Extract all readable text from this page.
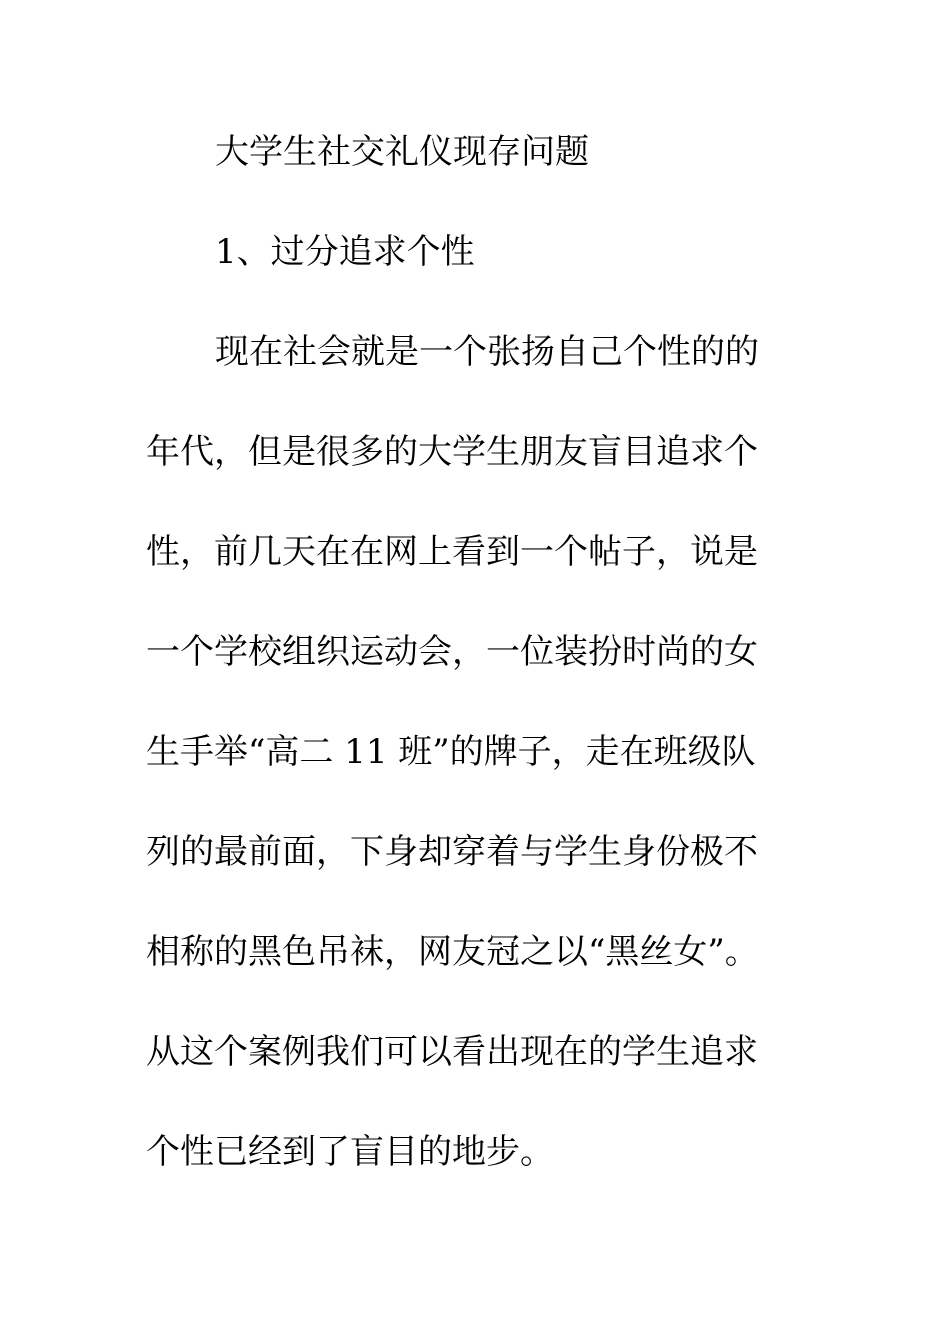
大学生社交礼仪现存问题
1、过分追求个性
现在社会就是一个张扬自己个性的的
年代，但是很多的大学生朋友盲目追求个
性，前几天在在网上看到一个帖子，说是
一个学校组织运动会，一位装扮时尚的女
生手举“高二 11 班”的牌子，走在班级队
列的最前面，下身却穿着与学生身份极不
相称的黑色吊袜，网友冠之以“黑丝女”。
从这个案例我们可以看出现在的学生追求
个性已经到了盲目的地步。
